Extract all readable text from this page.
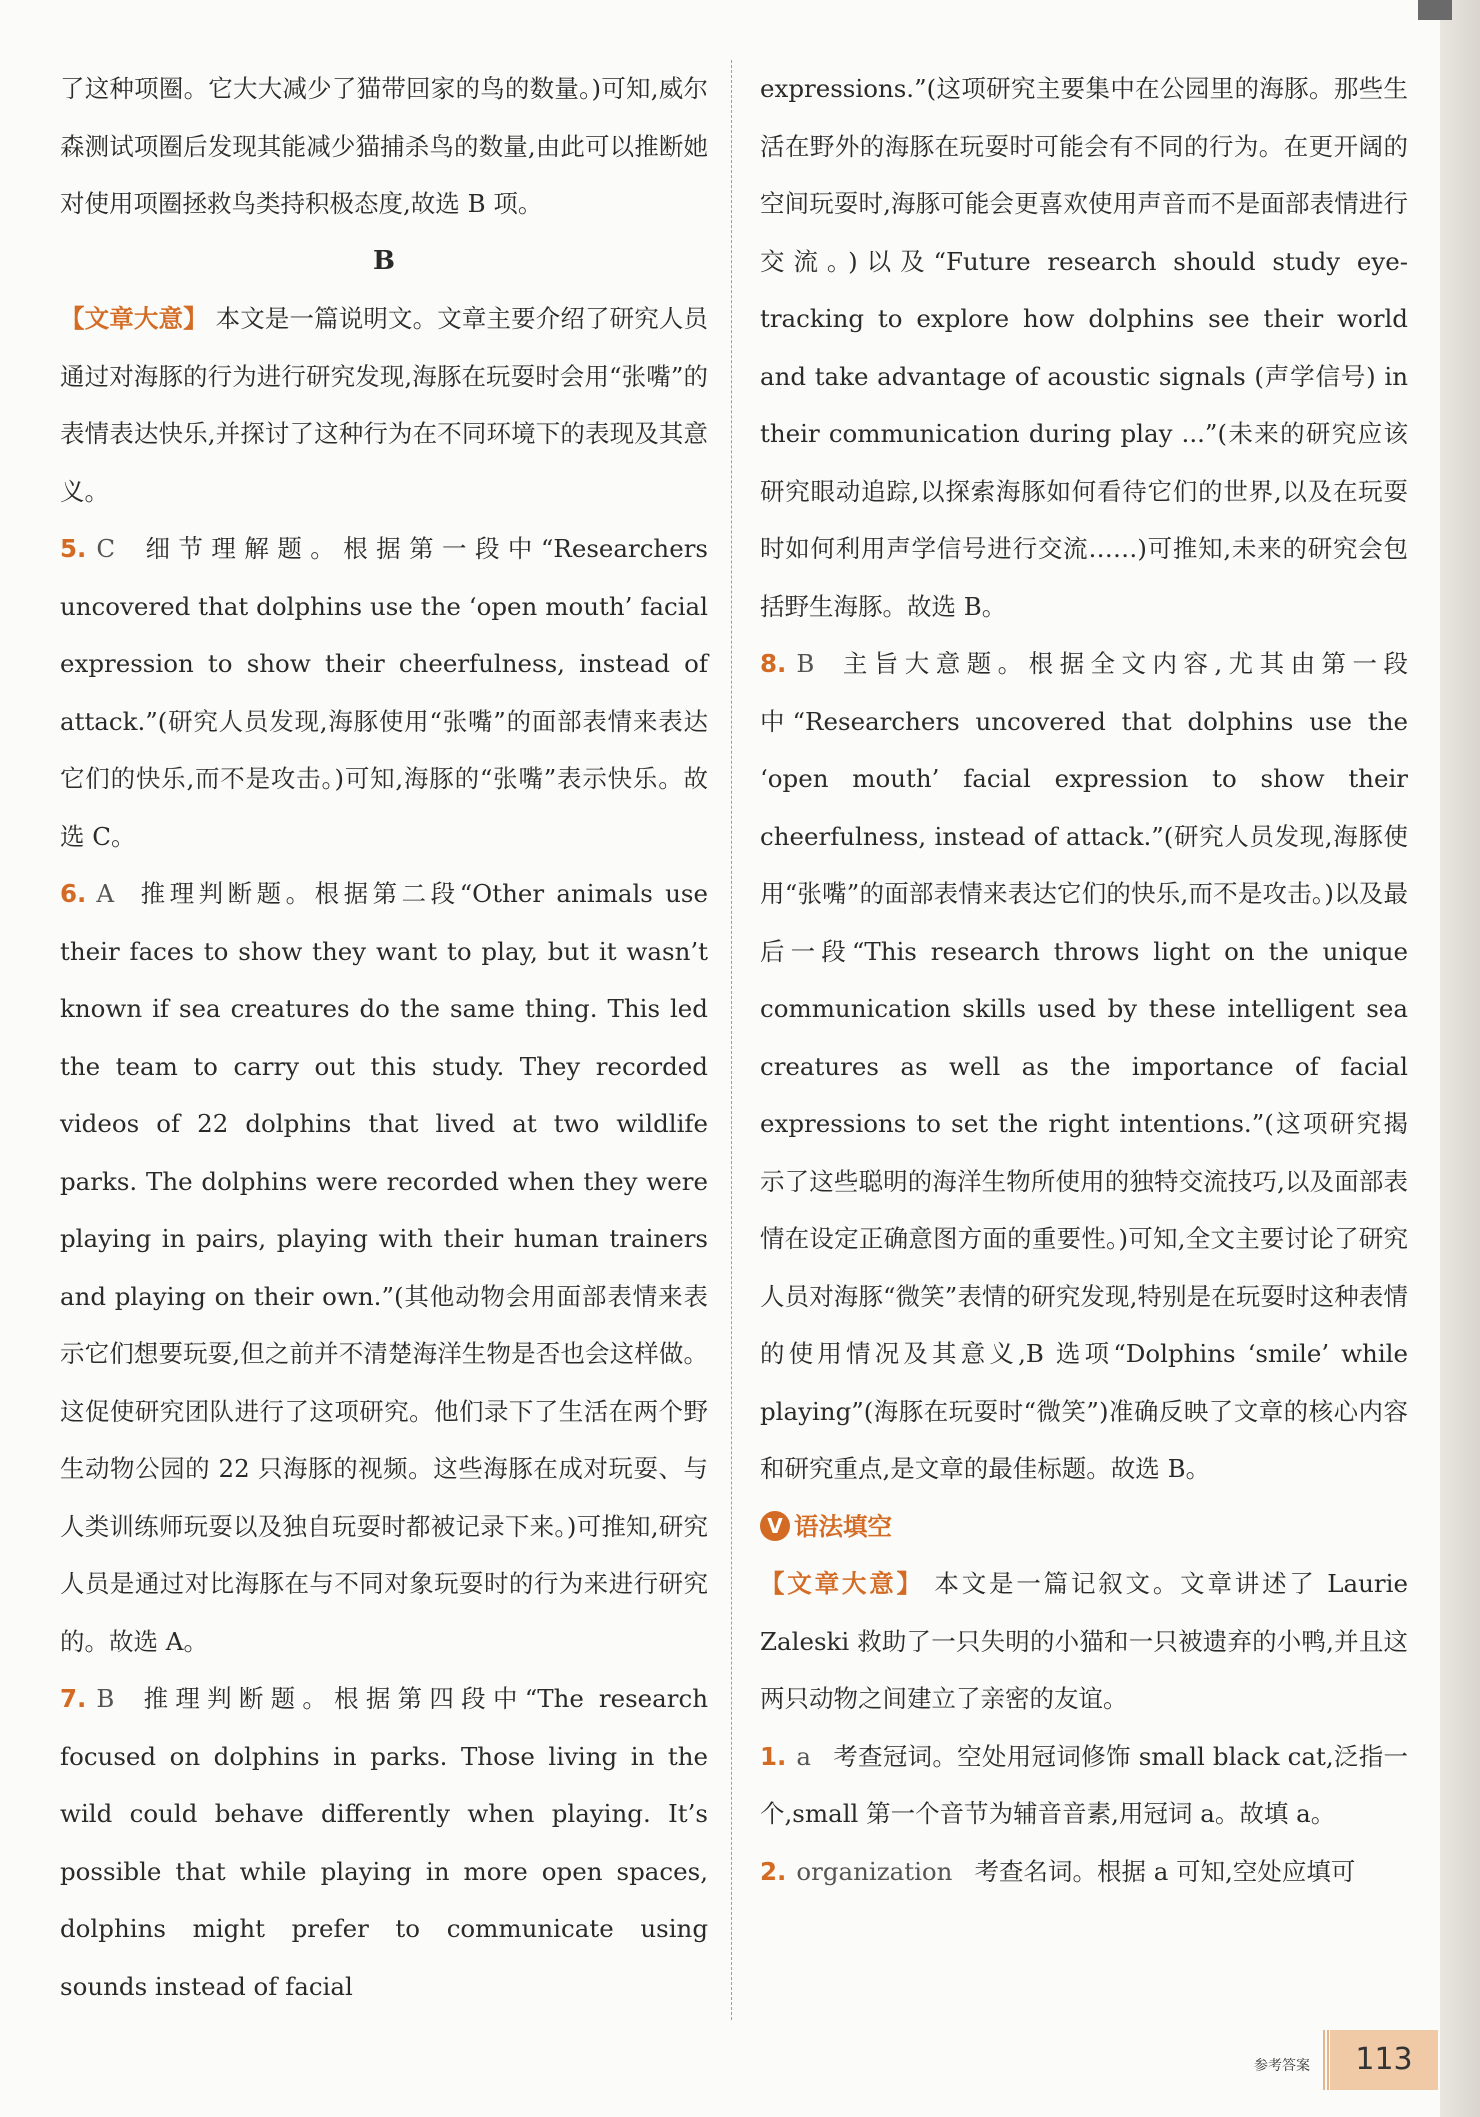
了这种项圈。它大大减少了猫带回家的鸟的数量。)可知,威尔森测试项圈后发现其能减少猫捕杀鸟的数量,由此可以推断她对使用项圈拯救鸟类持积极态度,故选 B 项。

B

【文章大意】 本文是一篇说明文。文章主要介绍了研究人员通过对海豚的行为进行研究发现,海豚在玩耍时会用“张嘴”的表情表达快乐,并探讨了这种行为在不同环境下的表现及其意义。

5. C 细节理解题。根据第一段中“Researchers uncovered that dolphins use the ‘open mouth’ facial expression to show their cheerfulness, instead of attack.”(研究人员发现,海豚使用“张嘴”的面部表情来表达它们的快乐,而不是攻击。)可知,海豚的“张嘴”表示快乐。故选 C。

6. A 推理判断题。根据第二段“Other animals use their faces to show they want to play, but it wasn’t known if sea creatures do the same thing. This led the team to carry out this study. They recorded videos of 22 dolphins that lived at two wildlife parks. The dolphins were recorded when they were playing in pairs, playing with their human trainers and playing on their own.”(其他动物会用面部表情来表示它们想要玩耍,但之前并不清楚海洋生物是否也会这样做。这促使研究团队进行了这项研究。他们录下了生活在两个野生动物公园的 22 只海豚的视频。这些海豚在成对玩耍、与人类训练师玩耍以及独自玩耍时都被记录下来。)可推知,研究人员是通过对比海豚在与不同对象玩耍时的行为来进行研究的。故选 A。

7. B 推理判断题。根据第四段中“The research focused on dolphins in parks. Those living in the wild could behave differently when playing. It’s possible that while playing in more open spaces, dolphins might prefer to communicate using sounds instead of facial

expressions.”(这项研究主要集中在公园里的海豚。那些生活在野外的海豚在玩耍时可能会有不同的行为。在更开阔的空间玩耍时,海豚可能会更喜欢使用声音而不是面部表情进行交流。)以及“Future research should study eye-tracking to explore how dolphins see their world and take advantage of acoustic signals (声学信号) in their communication during play ...”(未来的研究应该研究眼动追踪,以探索海豚如何看待它们的世界,以及在玩耍时如何利用声学信号进行交流……)可推知,未来的研究会包括野生海豚。故选 B。

8. B 主旨大意题。根据全文内容,尤其由第一段中“Researchers uncovered that dolphins use the ‘open mouth’ facial expression to show their cheerfulness, instead of attack.”(研究人员发现,海豚使用“张嘴”的面部表情来表达它们的快乐,而不是攻击。)以及最后一段“This research throws light on the unique communication skills used by these intelligent sea creatures as well as the importance of facial expressions to set the right intentions.”(这项研究揭示了这些聪明的海洋生物所使用的独特交流技巧,以及面部表情在设定正确意图方面的重要性。)可知,全文主要讨论了研究人员对海豚“微笑”表情的研究发现,特别是在玩耍时这种表情的使用情况及其意义,B 选项“Dolphins ‘smile’ while playing”(海豚在玩耍时“微笑”)准确反映了文章的核心内容和研究重点,是文章的最佳标题。故选 B。

V 语法填空

【文章大意】 本文是一篇记叙文。文章讲述了 Laurie Zaleski 救助了一只失明的小猫和一只被遗弃的小鸭,并且这两只动物之间建立了亲密的友谊。

1. a 考查冠词。空处用冠词修饰 small black cat,泛指一个,small 第一个音节为辅音音素,用冠词 a。故填 a。

2. organization 考查名词。根据 a 可知,空处应填可

参考答案	113
